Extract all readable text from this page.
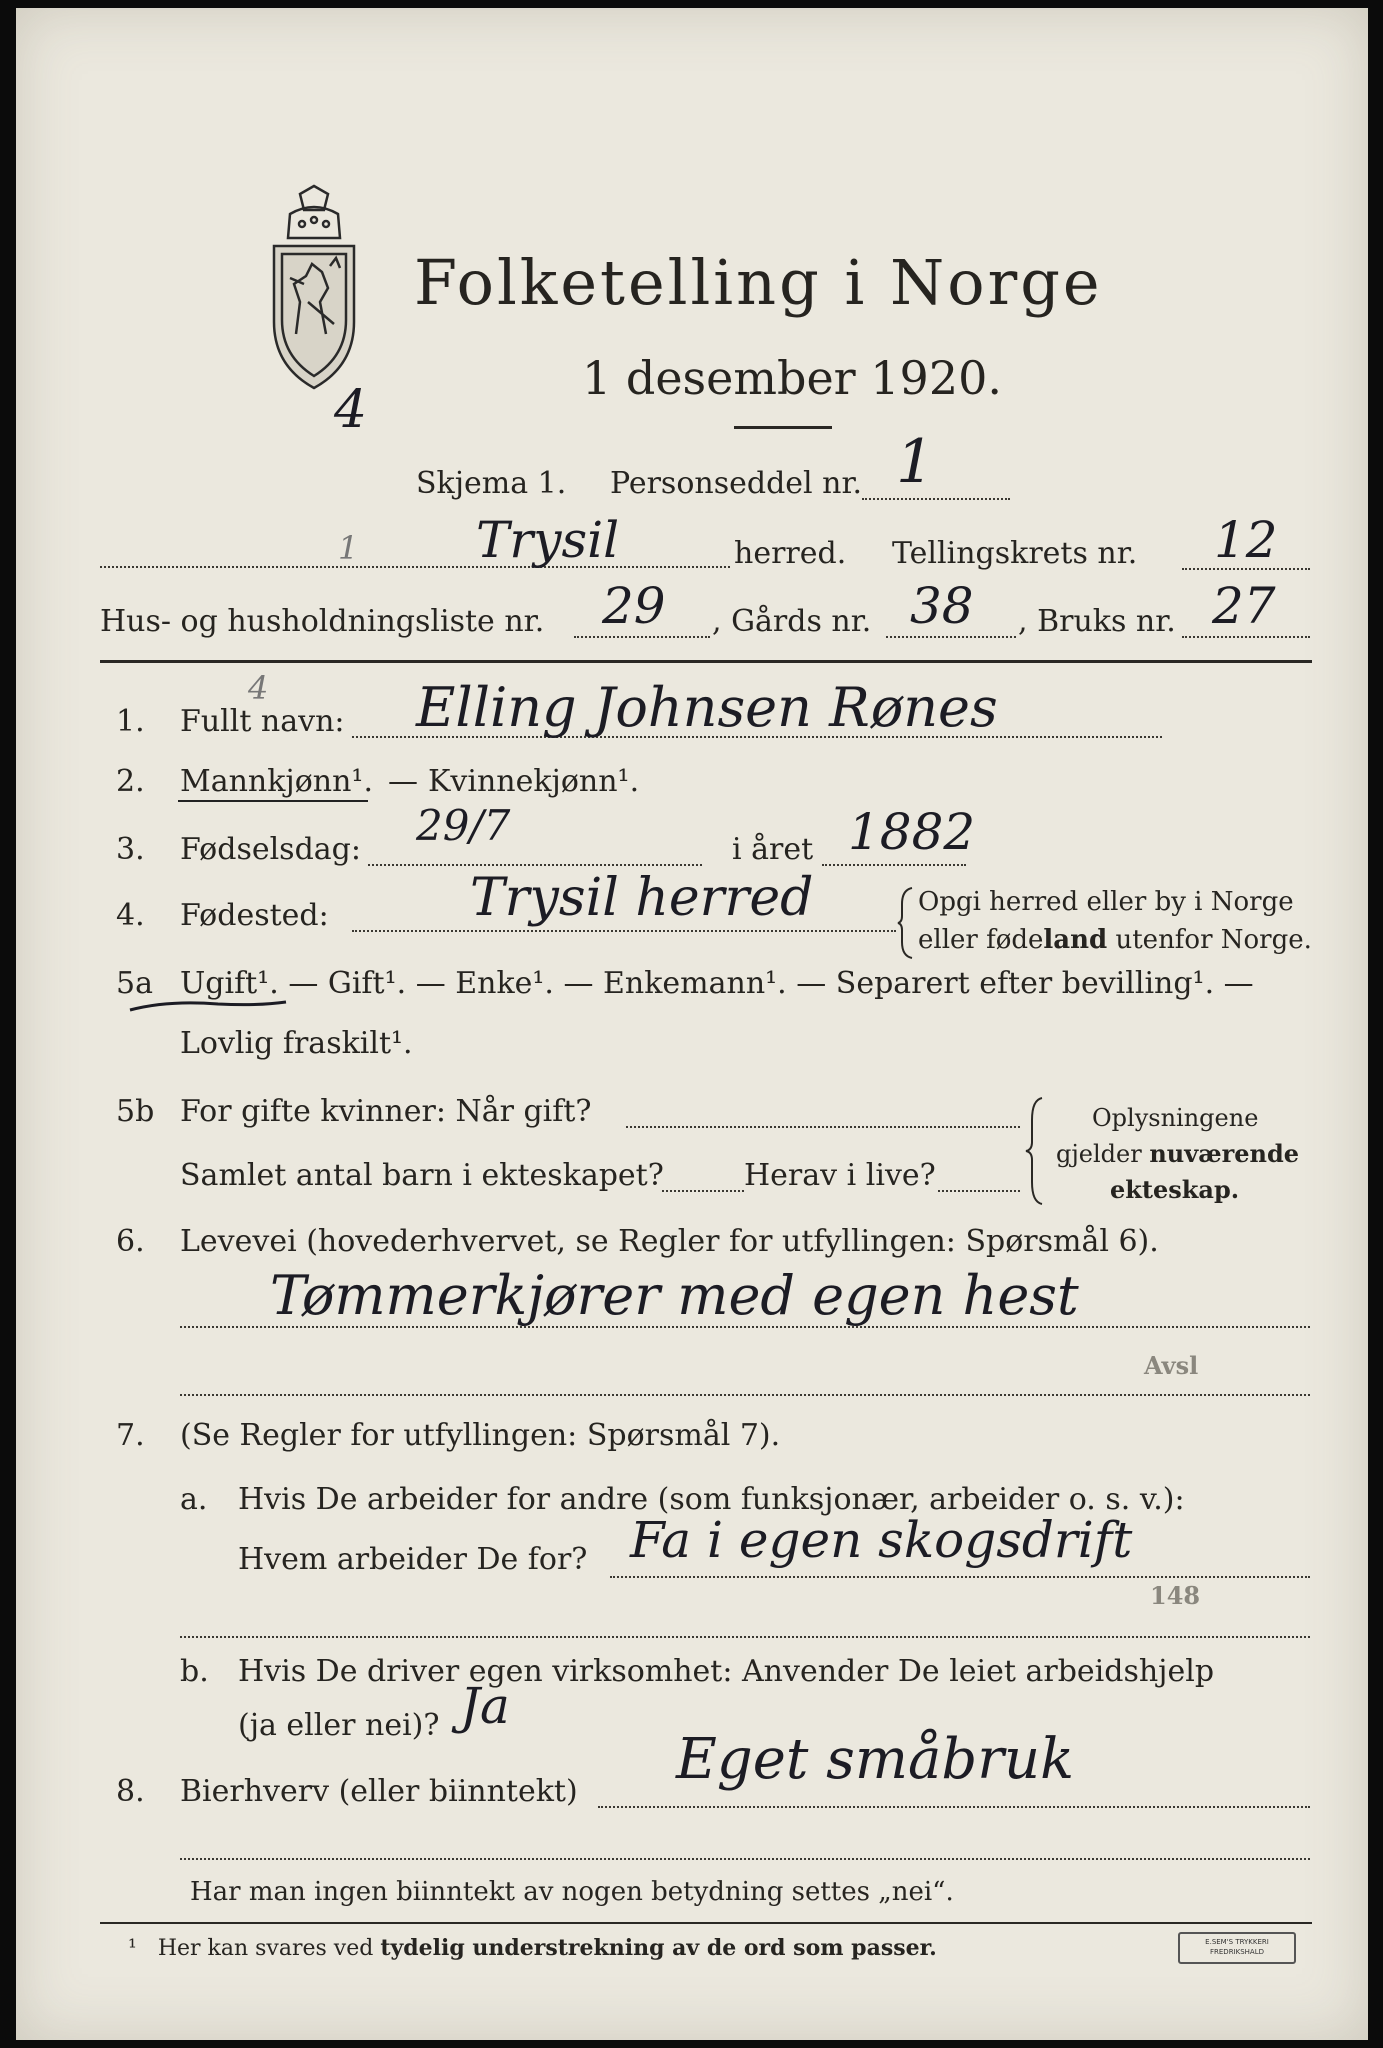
Folketelling i Norge
1 desember 1920.
4
1
4
Skjema 1. Personseddel nr. 1
Trysil	herred. Tellingskrets nr. 12
Hus- og husholdningsliste nr. 29 , Gårds nr. 38 , Bruks nr. 27
1. Fullt navn: Elling Johnsen Rønes
2. Mannkjønn¹. — Kvinnekjønn¹.
3. Fødselsdag: 29/7	i året 1882
4. Fødested:	Trysil herred	Opgi herred eller by i Norge
eller fødeland utenfor Norge.
5a Ugift¹. — Gift¹. — Enke¹. — Enkemann¹. — Separert efter bevilling¹. —
Lovlig fraskilt¹.
5b For gifte kvinner: Når gift?
Samlet antal barn i ekteskapet?	Herav i live?
Oplysningene
gjelder nuværende
ekteskap.
6. Levevei (hovederhvervet, se Regler for utfyllingen: Spørsmål 6).
Tømmerkjører med egen hest
Avsl
7. (Se Regler for utfyllingen: Spørsmål 7).
a. Hvis De arbeider for andre (som funksjonær, arbeider o. s. v.):
Hvem arbeider De for? Fa i egen skogsdrift
148
b. Hvis De driver egen virksomhet: Anvender De leiet arbeidshjelp
(ja eller nei)? Ja
8. Bierhverv (eller biinntekt) Eget småbruk
Har man ingen biinntekt av nogen betydning settes „nei“.
¹ Her kan svares ved tydelig understrekning av de ord som passer.	E.SEM'S TRYKKERI FREDRIKSHALD
